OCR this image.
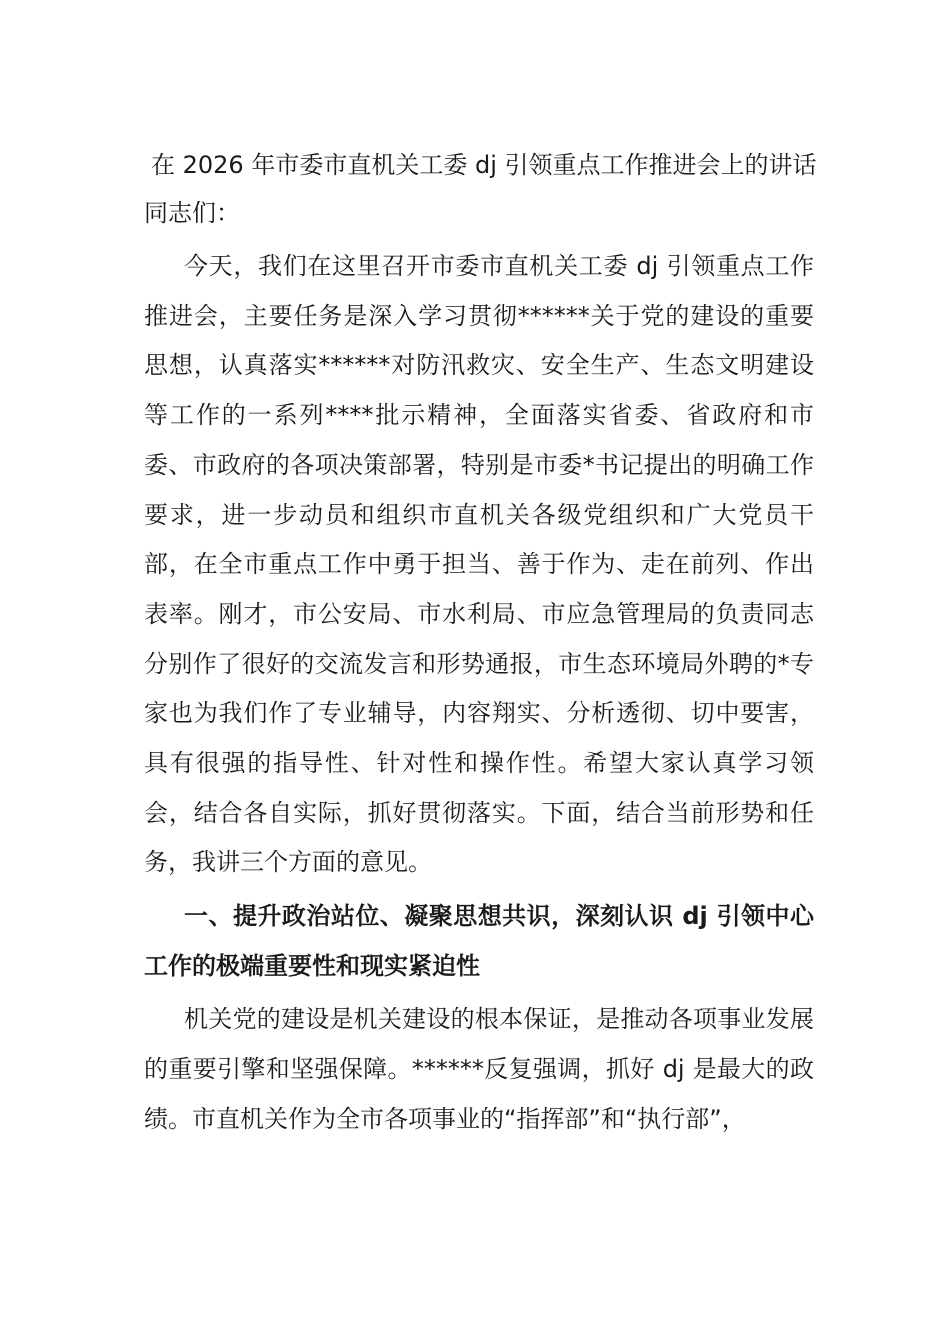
在 2026 年市委市直机关工委 dj 引领重点工作推进会上的讲话

同志们：

今天，我们在这里召开市委市直机关工委 dj 引领重点工作推进会，主要任务是深入学习贯彻******关于党的建设的重要思想，认真落实******对防汛救灾、安全生产、生态文明建设等工作的一系列****批示精神，全面落实省委、省政府和市委、市政府的各项决策部署，特别是市委*书记提出的明确工作要求，进一步动员和组织市直机关各级党组织和广大党员干部，在全市重点工作中勇于担当、善于作为、走在前列、作出表率。刚才，市公安局、市水利局、市应急管理局的负责同志分别作了很好的交流发言和形势通报，市生态环境局外聘的*专家也为我们作了专业辅导，内容翔实、分析透彻、切中要害，具有很强的指导性、针对性和操作性。希望大家认真学习领会，结合各自实际，抓好贯彻落实。下面，结合当前形势和任务，我讲三个方面的意见。

一、提升政治站位、凝聚思想共识，深刻认识 dj 引领中心工作的极端重要性和现实紧迫性

机关党的建设是机关建设的根本保证，是推动各项事业发展的重要引擎和坚强保障。******反复强调，抓好 dj 是最大的政绩。市直机关作为全市各项事业的“指挥部”和“执行部”，
